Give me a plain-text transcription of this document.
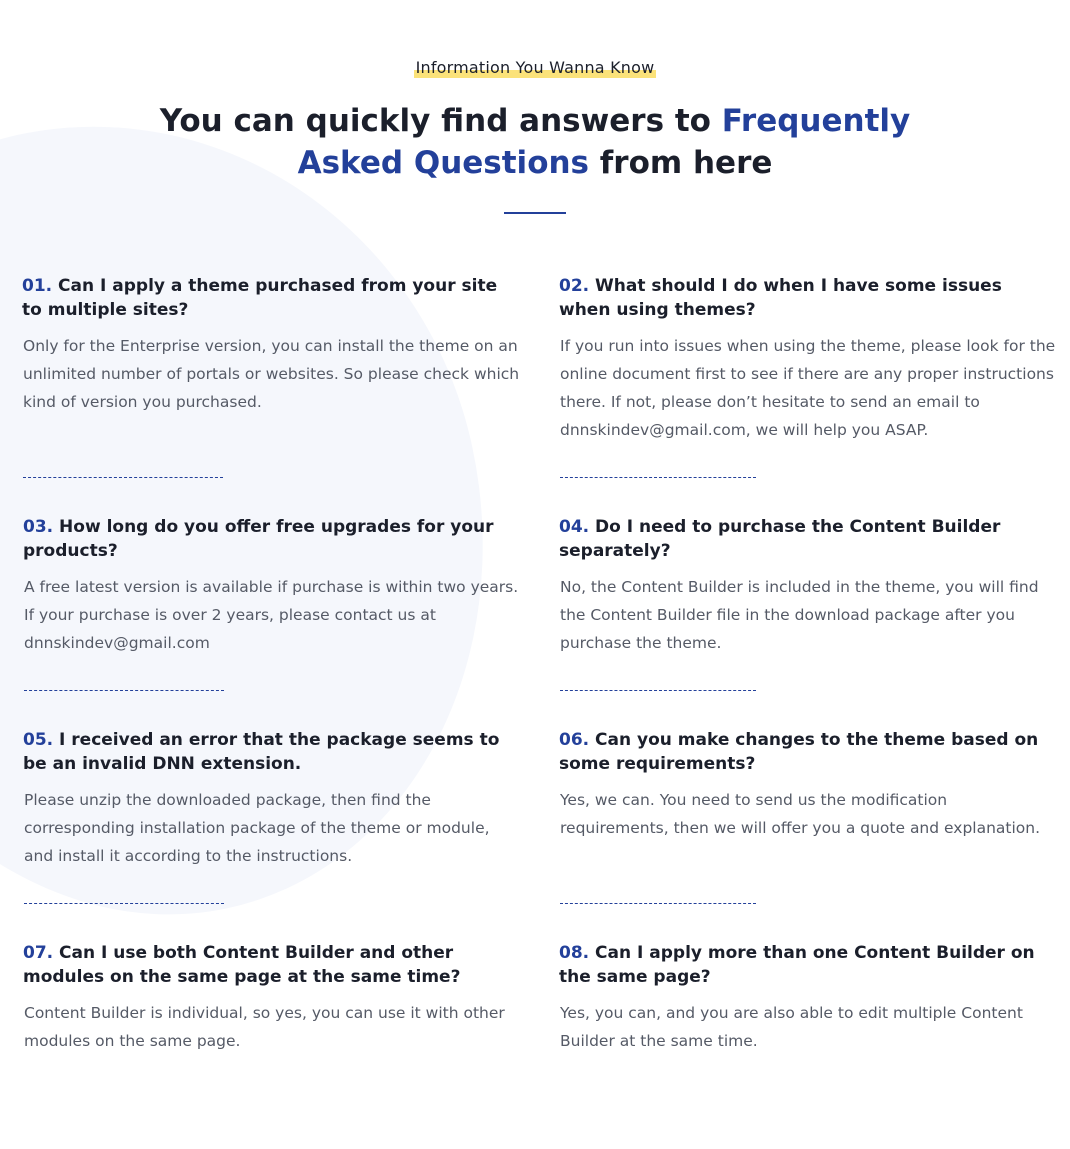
Information You Wanna Know
You can quickly find answers to Frequently Asked Questions from here
01. Can I apply a theme purchased from your site to multiple sites?

Only for the Enterprise version, you can install the theme on an unlimited number of portals or websites. So please check which kind of version you purchased.

02. What should I do when I have some issues when using themes?

If you run into issues when using the theme, please look for the online document first to see if there are any proper instructions there. If not, please don’t hesitate to send an email to dnnskindev@gmail.com, we will help you ASAP.

03. How long do you offer free upgrades for your products?

A free latest version is available if purchase is within two years. If your purchase is over 2 years, please contact us at dnnskindev@gmail.com

04. Do I need to purchase the Content Builder separately?

No, the Content Builder is included in the theme, you will find the Content Builder file in the download package after you purchase the theme.

05. I received an error that the package seems to be an invalid DNN extension.

Please unzip the downloaded package, then find the corresponding installation package of the theme or module, and install it according to the instructions.

06. Can you make changes to the theme based on some requirements?

Yes, we can. You need to send us the modification requirements, then we will offer you a quote and explanation.

07. Can I use both Content Builder and other modules on the same page at the same time?

Content Builder is individual, so yes, you can use it with other modules on the same page.

08. Can I apply more than one Content Builder on the same page?

Yes, you can, and you are also able to edit multiple Content Builder at the same time.
